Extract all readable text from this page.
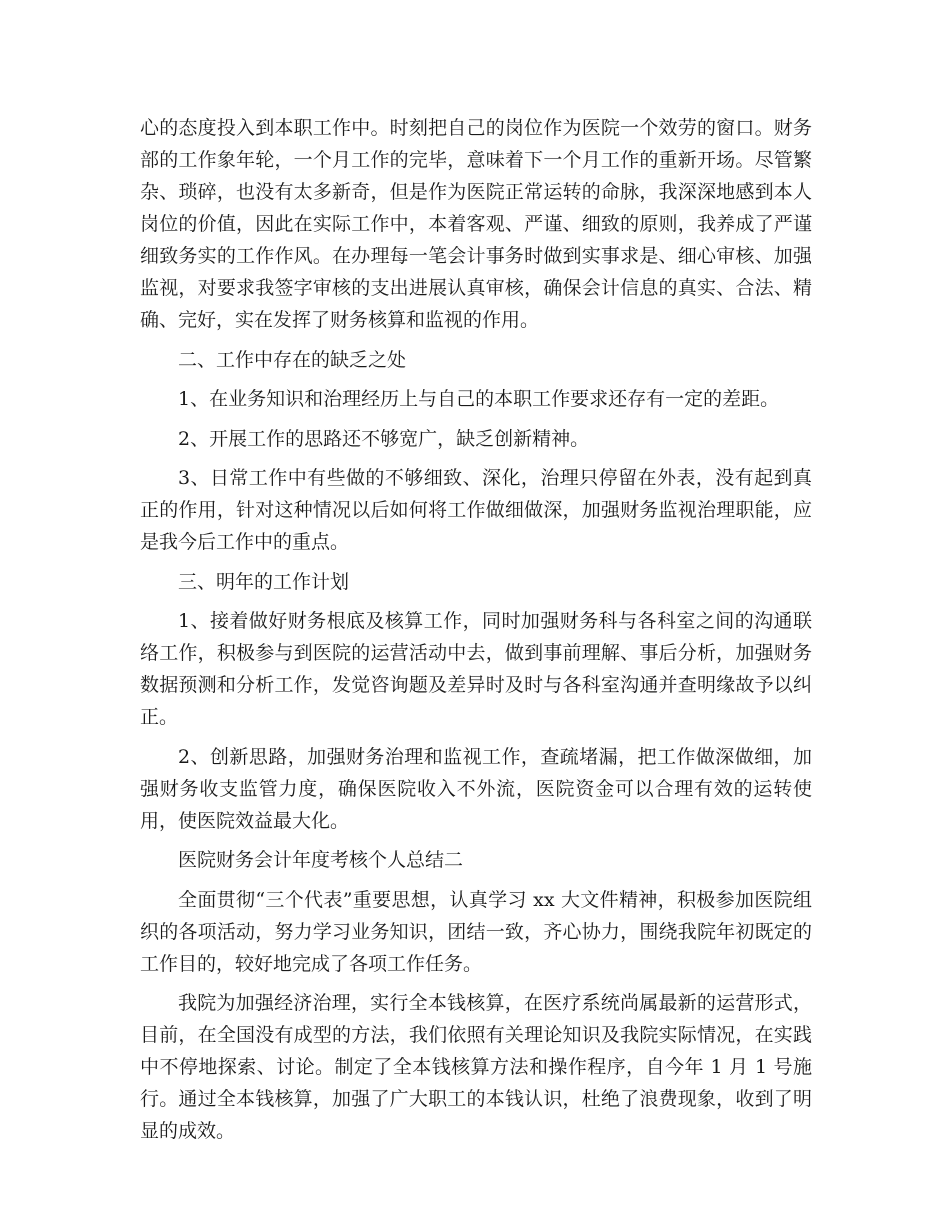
心的态度投入到本职工作中。时刻把自己的岗位作为医院一个效劳的窗口。财务部的工作象年轮，一个月工作的完毕，意味着下一个月工作的重新开场。尽管繁杂、琐碎，也没有太多新奇，但是作为医院正常运转的命脉，我深深地感到本人岗位的价值，因此在实际工作中，本着客观、严谨、细致的原则，我养成了严谨细致务实的工作作风。在办理每一笔会计事务时做到实事求是、细心审核、加强监视，对要求我签字审核的支出进展认真审核，确保会计信息的真实、合法、精确、完好，实在发挥了财务核算和监视的作用。

二、工作中存在的缺乏之处

1、在业务知识和治理经历上与自己的本职工作要求还存有一定的差距。

2、开展工作的思路还不够宽广，缺乏创新精神。

3、日常工作中有些做的不够细致、深化，治理只停留在外表，没有起到真正的作用，针对这种情况以后如何将工作做细做深，加强财务监视治理职能，应是我今后工作中的重点。

三、明年的工作计划

1、接着做好财务根底及核算工作，同时加强财务科与各科室之间的沟通联络工作，积极参与到医院的运营活动中去，做到事前理解、事后分析，加强财务数据预测和分析工作，发觉咨询题及差异时及时与各科室沟通并查明缘故予以纠正。

2、创新思路，加强财务治理和监视工作，查疏堵漏，把工作做深做细，加强财务收支监管力度，确保医院收入不外流，医院资金可以合理有效的运转使用，使医院效益最大化。

医院财务会计年度考核个人总结二

全面贯彻“三个代表”重要思想，认真学习 xx 大文件精神，积极参加医院组织的各项活动，努力学习业务知识，团结一致，齐心协力，围绕我院年初既定的工作目的，较好地完成了各项工作任务。

我院为加强经济治理，实行全本钱核算，在医疗系统尚属最新的运营形式，目前，在全国没有成型的方法，我们依照有关理论知识及我院实际情况，在实践中不停地探索、讨论。制定了全本钱核算方法和操作程序，自今年 1 月 1 号施行。通过全本钱核算，加强了广大职工的本钱认识，杜绝了浪费现象，收到了明显的成效。
